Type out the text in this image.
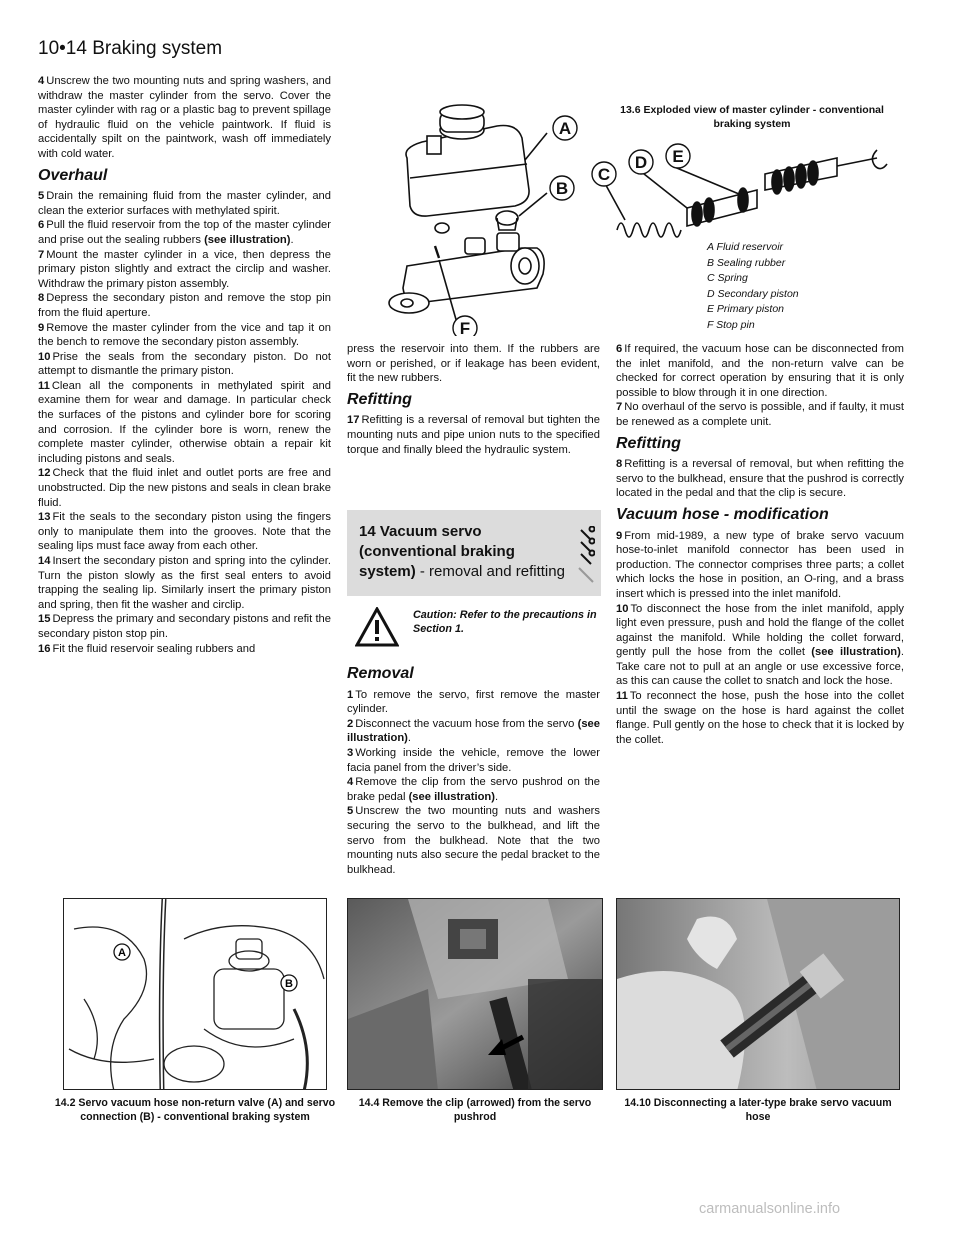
10•14 Braking system

4 Unscrew the two mounting nuts and spring washers, and withdraw the master cylinder from the servo. Cover the master cylinder with rag or a plastic bag to prevent spillage of hydraulic fluid on the vehicle paintwork. If fluid is accidentally spilt on the paintwork, wash off immediately with cold water.

Overhaul

5 Drain the remaining fluid from the master cylinder, and clean the exterior surfaces with methylated spirit.

6 Pull the fluid reservoir from the top of the master cylinder and prise out the sealing rubbers (see illustration).

7 Mount the master cylinder in a vice, then depress the primary piston slightly and extract the circlip and washer. Withdraw the primary piston assembly.

8 Depress the secondary piston and remove the stop pin from the fluid aperture.

9 Remove the master cylinder from the vice and tap it on the bench to remove the secondary piston assembly.

10 Prise the seals from the secondary piston. Do not attempt to dismantle the primary piston.

11 Clean all the components in methylated spirit and examine them for wear and damage. In particular check the surfaces of the pistons and cylinder bore for scoring and corrosion. If the cylinder bore is worn, renew the complete master cylinder, otherwise obtain a repair kit including pistons and seals.

12 Check that the fluid inlet and outlet ports are free and unobstructed. Dip the new pistons and seals in clean brake fluid.

13 Fit the seals to the secondary piston using the fingers only to manipulate them into the grooves. Note that the sealing lips must face away from each other.

14 Insert the secondary piston and spring into the cylinder. Turn the piston slowly as the first seal enters to avoid trapping the sealing lip. Similarly insert the primary piston and spring, then fit the washer and circlip.

15 Depress the primary and secondary pistons and refit the secondary piston stop pin.

16 Fit the fluid reservoir sealing rubbers and

A
B
C
D E
F
13.6 Exploded view of master cylinder - conventional braking system
A Fluid reservoir
B Sealing rubber
C Spring
D Secondary piston
E Primary piston
F Stop pin

press the reservoir into them. If the rubbers are worn or perished, or if leakage has been evident, fit the new rubbers.

Refitting

17 Refitting is a reversal of removal but tighten the mounting nuts and pipe union nuts to the specified torque and finally bleed the hydraulic system.

14 Vacuum servo (conventional braking system) - removal and refitting
Caution: Refer to the precautions in Section 1.
Removal

1 To remove the servo, first remove the master cylinder.

2 Disconnect the vacuum hose from the servo (see illustration).

3 Working inside the vehicle, remove the lower facia panel from the driver’s side.

4 Remove the clip from the servo pushrod on the brake pedal (see illustration).

5 Unscrew the two mounting nuts and washers securing the servo to the bulkhead, and lift the servo from the bulkhead. Note that the two mounting nuts also secure the pedal bracket to the bulkhead.

6 If required, the vacuum hose can be disconnected from the inlet manifold, and the non-return valve can be checked for correct operation by ensuring that it is only possible to blow through it in one direction.

7 No overhaul of the servo is possible, and if faulty, it must be renewed as a complete unit.

Refitting

8 Refitting is a reversal of removal, but when refitting the servo to the bulkhead, ensure that the pushrod is correctly located in the pedal and that the clip is secure.

Vacuum hose - modification

9 From mid-1989, a new type of brake servo vacuum hose-to-inlet manifold connector has been used in production. The connector comprises three parts; a collet which locks the hose in position, an O-ring, and a brass insert which is pressed into the inlet manifold.

10 To disconnect the hose from the inlet manifold, apply light even pressure, push and hold the flange of the collet against the manifold. While holding the collet forward, gently pull the hose from the collet (see illustration). Take care not to pull at an angle or use excessive force, as this can cause the collet to snatch and lock the hose.

11 To reconnect the hose, push the hose into the collet until the swage on the hose is hard against the collet flange. Pull gently on the hose to check that it is locked by the collet.

A
B
14.2 Servo vacuum hose non-return valve (A) and servo connection (B) - conventional braking system
14.4 Remove the clip (arrowed) from the servo pushrod
14.10 Disconnecting a later-type brake servo vacuum hose
carmanualsonline.info
